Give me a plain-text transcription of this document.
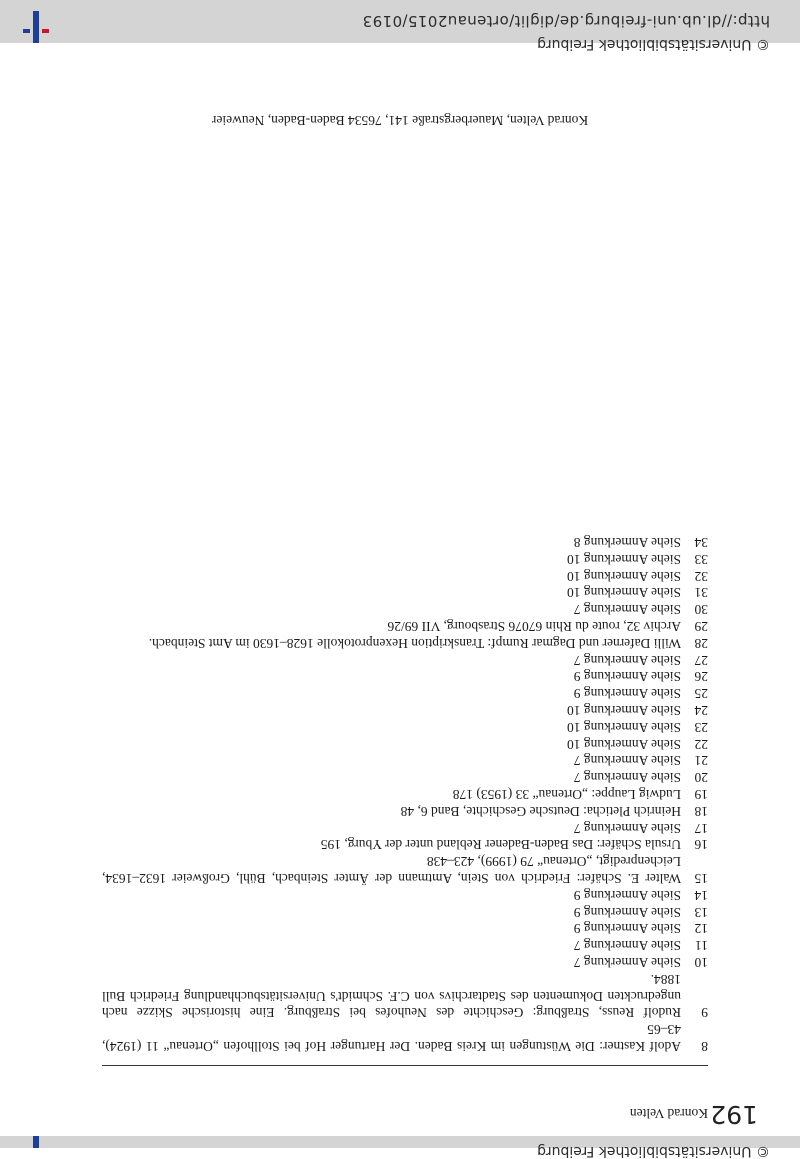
© Universitätsbibliothek Freiburg
192
Konrad Velten
8
Adolf Kastner: Die Wüstungen im Kreis Baden. Der Hartunger Hof bei Stollhofen „Ortenau“ 11 (1924), 43–65
9
Rudolf Reuss, Straßburg: Geschichte des Neuhofes bei Straßburg. Eine historische Skizze nach ungedruckten Dokumenten des Stadtarchivs von C.F. Schmidt's Universitätsbuchhandlung Friedrich Bull 1884.
10
Siehe Anmerkung 7
11
Siehe Anmerkung 7
12
Siehe Anmerkung 9
13
Siehe Anmerkung 9
14
Siehe Anmerkung 9
15
Walter E. Schäfer: Friedrich von Stein, Amtmann der Ämter Steinbach, Bühl, Großweier 1632–1634, Leichenpredigt, „Ortenau“ 79 (1999), 423–438
16
Ursula Schäfer: Das Baden-Badener Rebland unter der Yburg, 195
17
Siehe Anmerkung 7
18
Heinrich Pleticha: Deutsche Geschichte, Band 6, 48
19
Ludwig Lauppe: „Ortenau“ 33 (1953) 178
20
Siehe Anmerkung 7
21
Siehe Anmerkung 7
22
Siehe Anmerkung 10
23
Siehe Anmerkung 10
24
Siehe Anmerkung 10
25
Siehe Anmerkung 9
26
Siehe Anmerkung 9
27
Siehe Anmerkung 7
28
Willi Daferner und Dagmar Rumpf: Transkription Hexenprotokolle 1628–1630 im Amt Steinbach.
29
Archiv 32, route du Rhin 67076 Strasbourg, VII 69/26
30
Siehe Anmerkung 7
31
Siehe Anmerkung 10
32
Siehe Anmerkung 10
33
Siehe Anmerkung 10
34
Siehe Anmerkung 8
Konrad Velten, Mauerbergstraße 141, 76534 Baden-Baden, Neuweier
http://dl.ub.uni-freiburg.de/diglit/ortenau2015/0193
© Universitätsbibliothek Freiburg
